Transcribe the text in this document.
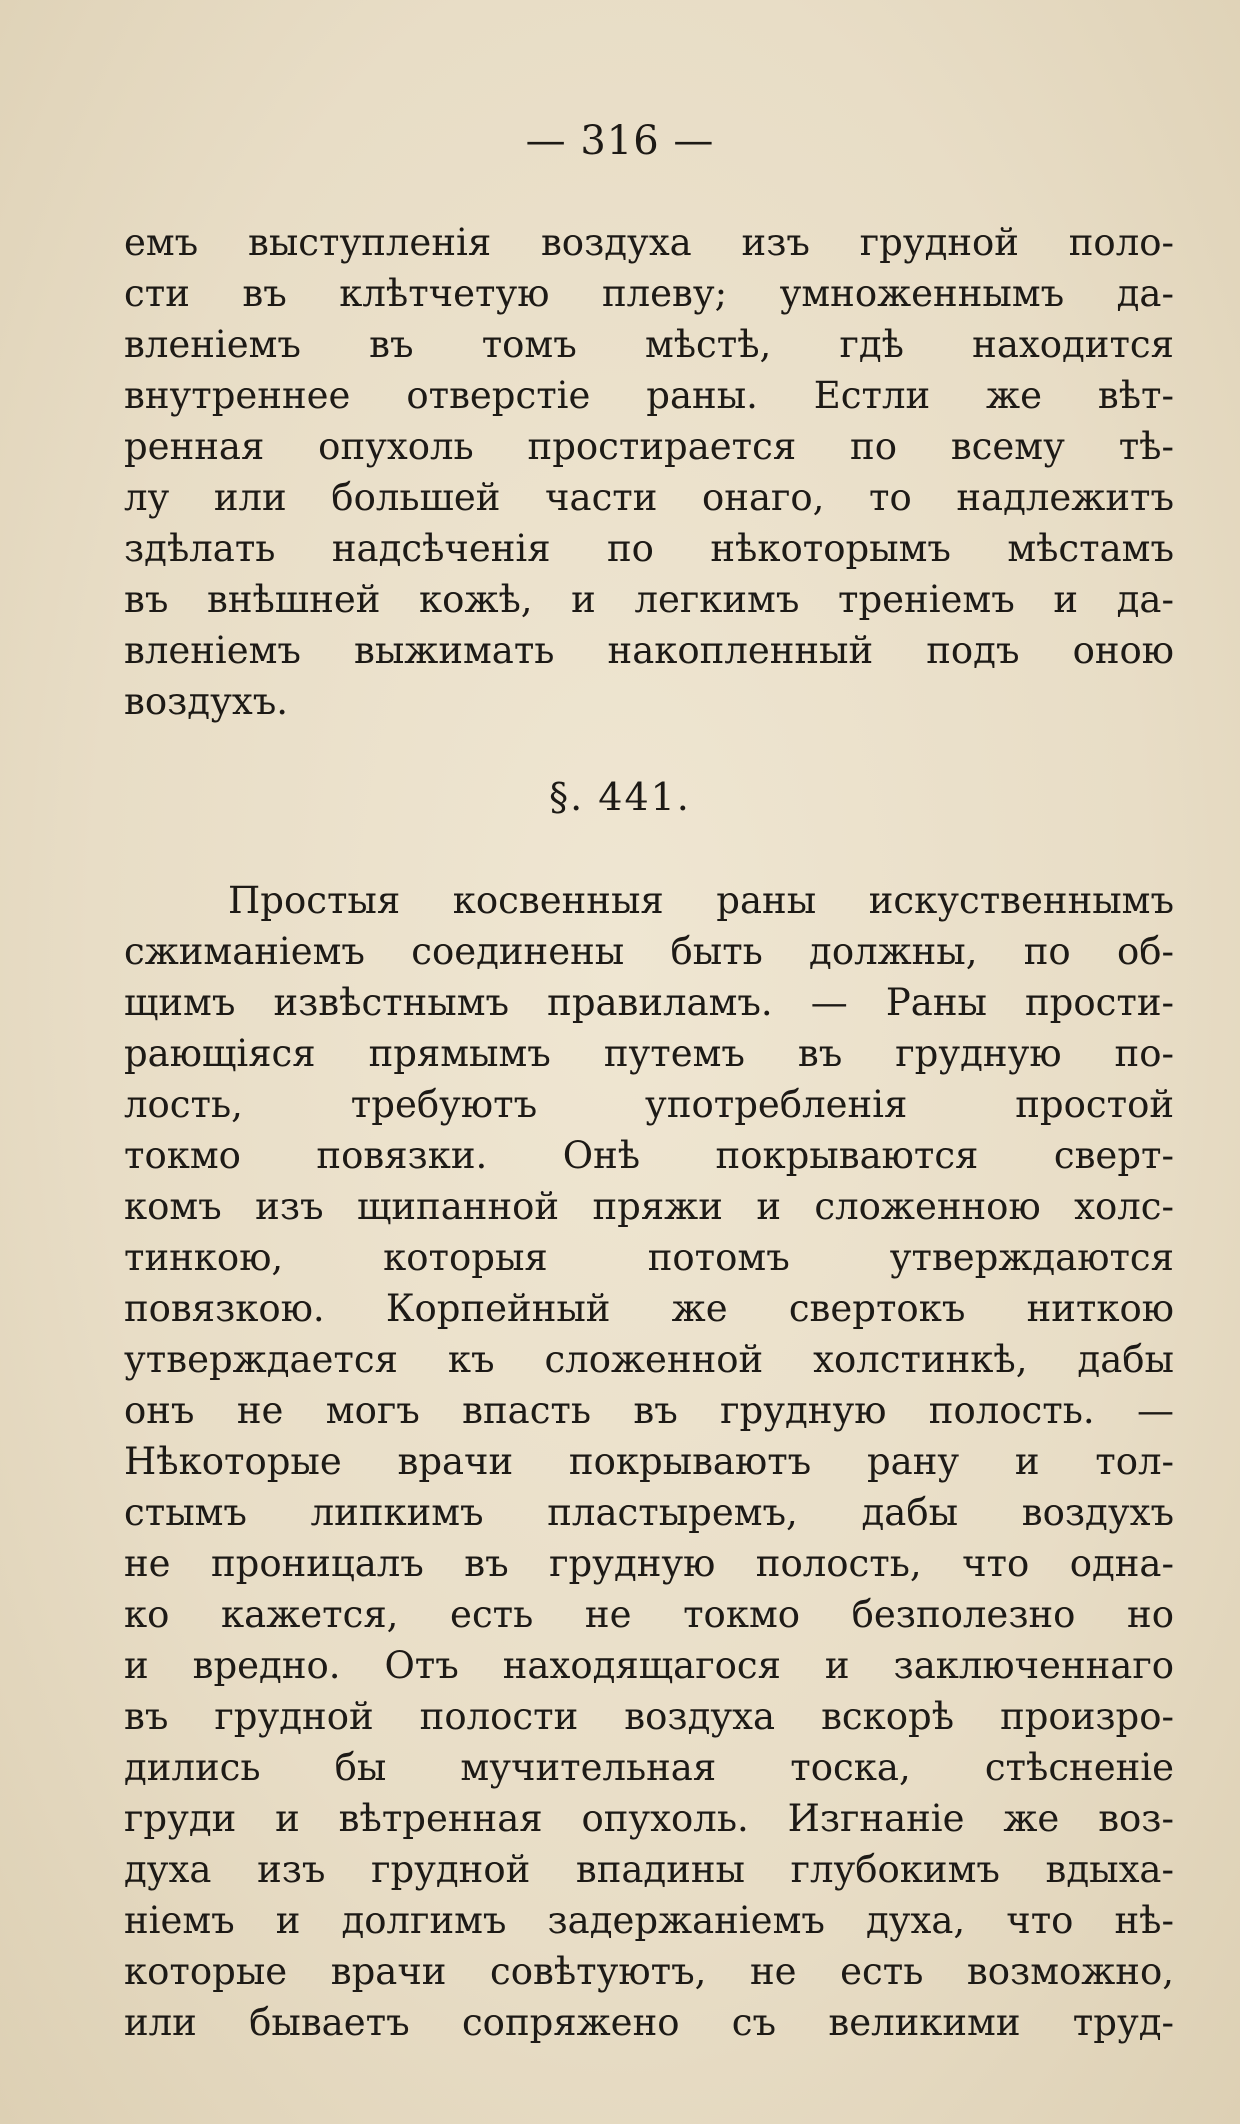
— 316 —
емъ выступленія воздуха изъ грудной поло-
сти въ клѣтчетую плеву; умноженнымъ да-
вленіемъ въ томъ мѣстѣ, гдѣ находится
внутреннее отверстіе раны. Естли же вѣт-
ренная опухоль простирается по всему тѣ-
лу или большей части онаго, то надлежитъ
здѣлать надсѣченія по нѣкоторымъ мѣстамъ
въ внѣшней кожѣ, и легкимъ треніемъ и да-
вленіемъ выжимать накопленный подъ оною
воздухъ.
§. 441.
Простыя косвенныя раны искуственнымъ
сжиманіемъ соединены быть должны, по об-
щимъ извѣстнымъ правиламъ. — Раны прости-
рающіяся прямымъ путемъ въ грудную по-
лость, требуютъ употребленія простой
токмо повязки. Онѣ покрываются сверт-
комъ изъ щипанной пряжи и сложенною холс-
тинкою, которыя потомъ утверждаются
повязкою. Корпейный же свертокъ ниткою
утверждается къ сложенной холстинкѣ, дабы
онъ не могъ впасть въ грудную полость. —
Нѣкоторые врачи покрываютъ рану и тол-
стымъ липкимъ пластыремъ, дабы воздухъ
не проницалъ въ грудную полость, что одна-
ко кажется, есть не токмо безполезно но
и вредно. Отъ находящагося и заключеннаго
въ грудной полости воздуха вскорѣ произро-
дились бы мучительная тоска, стѣсненіе
груди и вѣтренная опухоль. Изгнаніе же воз-
духа изъ грудной впадины глубокимъ вдыха-
ніемъ и долгимъ задержаніемъ духа, что нѣ-
которые врачи совѣтуютъ, не есть возможно,
или бываетъ сопряжено съ великими труд-
